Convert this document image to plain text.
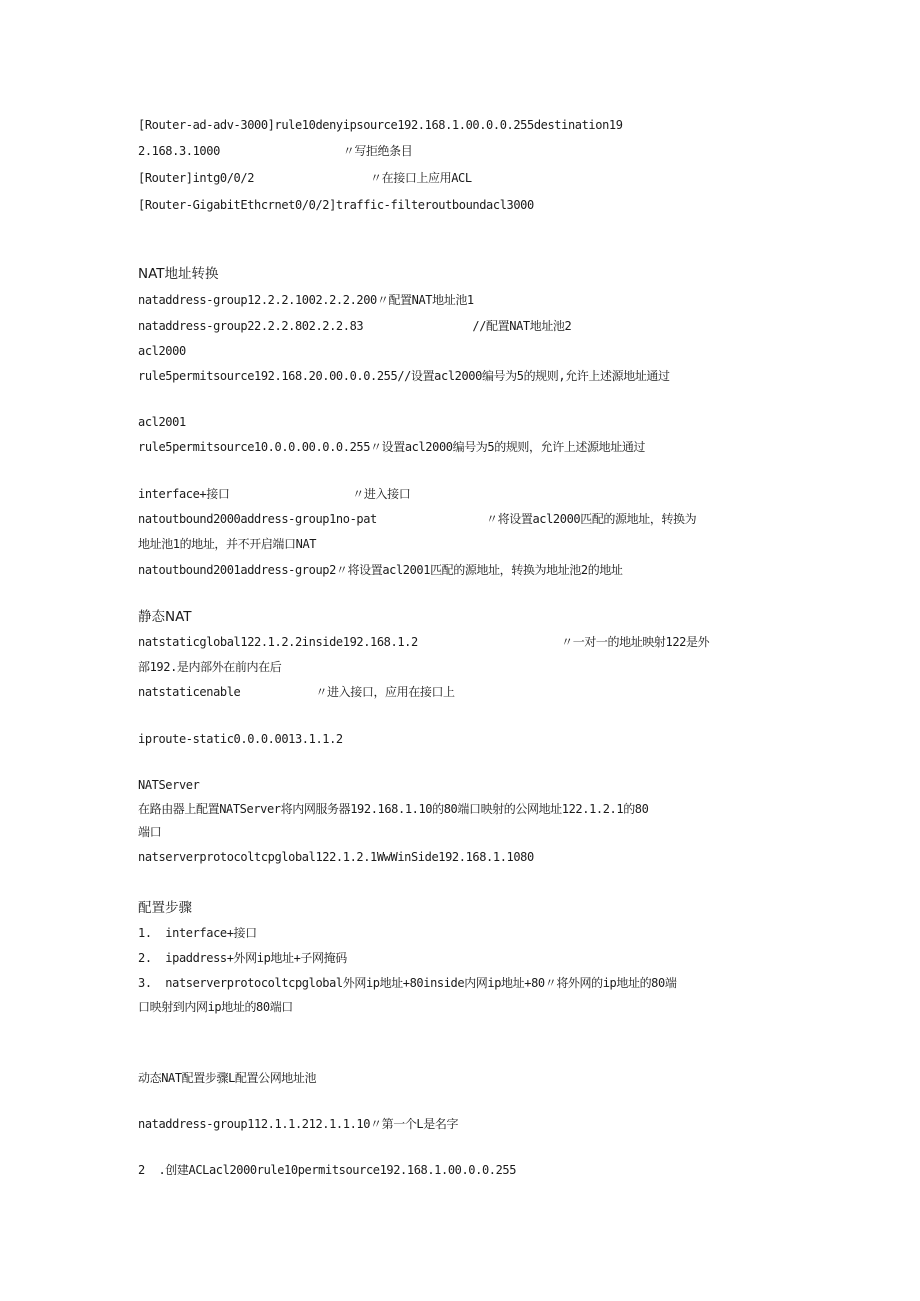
[Router-ad-adv-3000]rule10denyipsource192.168.1.00.0.0.255destination19
2.168.3.1000                  〃写拒绝条目
[Router]intg0/0/2                 〃在接口上应用ACL
[Router-GigabitEthcrnet0/0/2]traffic-filteroutboundacl3000
NAT地址转换
nataddress-group12.2.2.1002.2.2.200〃配置NAT地址池1
nataddress-group22.2.2.802.2.2.83                //配置NAT地址池2
acl2000
rule5permitsource192.168.20.00.0.0.255//设置acl2000编号为5的规则,允许上述源地址通过
acl2001
rule5permitsource10.0.0.00.0.0.255〃设置acl2000编号为5的规则，允许上述源地址通过
interface+接口                  〃进入接口
natoutbound2000address-group1no-pat                〃将设置acl2000匹配的源地址，转换为
地址池1的地址，并不开启端口NAT
natoutbound2001address-group2〃将设置acl2001匹配的源地址，转换为地址池2的地址
静态NAT
natstaticglobal122.1.2.2inside192.168.1.2                     〃一对一的地址映射122是外
部192.是内部外在前内在后
natstaticenable           〃进入接口，应用在接口上
iproute-static0.0.0.0013.1.1.2
NATServer
在路由器上配置NATServer将内网服务器192.168.1.10的80端口映射的公网地址122.1.2.1的80
端口
natserverprotocoltcpglobal122.1.2.1WwWinSide192.168.1.1080
配置步骤
1.  interface+接口
2.  ipaddress+外网ip地址+子网掩码
3.  natserverprotocoltcpglobal外网ip地址+80inside内网ip地址+80〃将外网的ip地址的80端
口映射到内网ip地址的80端口
动态NAT配置步骤L配置公网地址池
nataddress-group112.1.1.212.1.1.10〃第一个L是名字
2  .创建ACLacl2000rule10permitsource192.168.1.00.0.0.255
